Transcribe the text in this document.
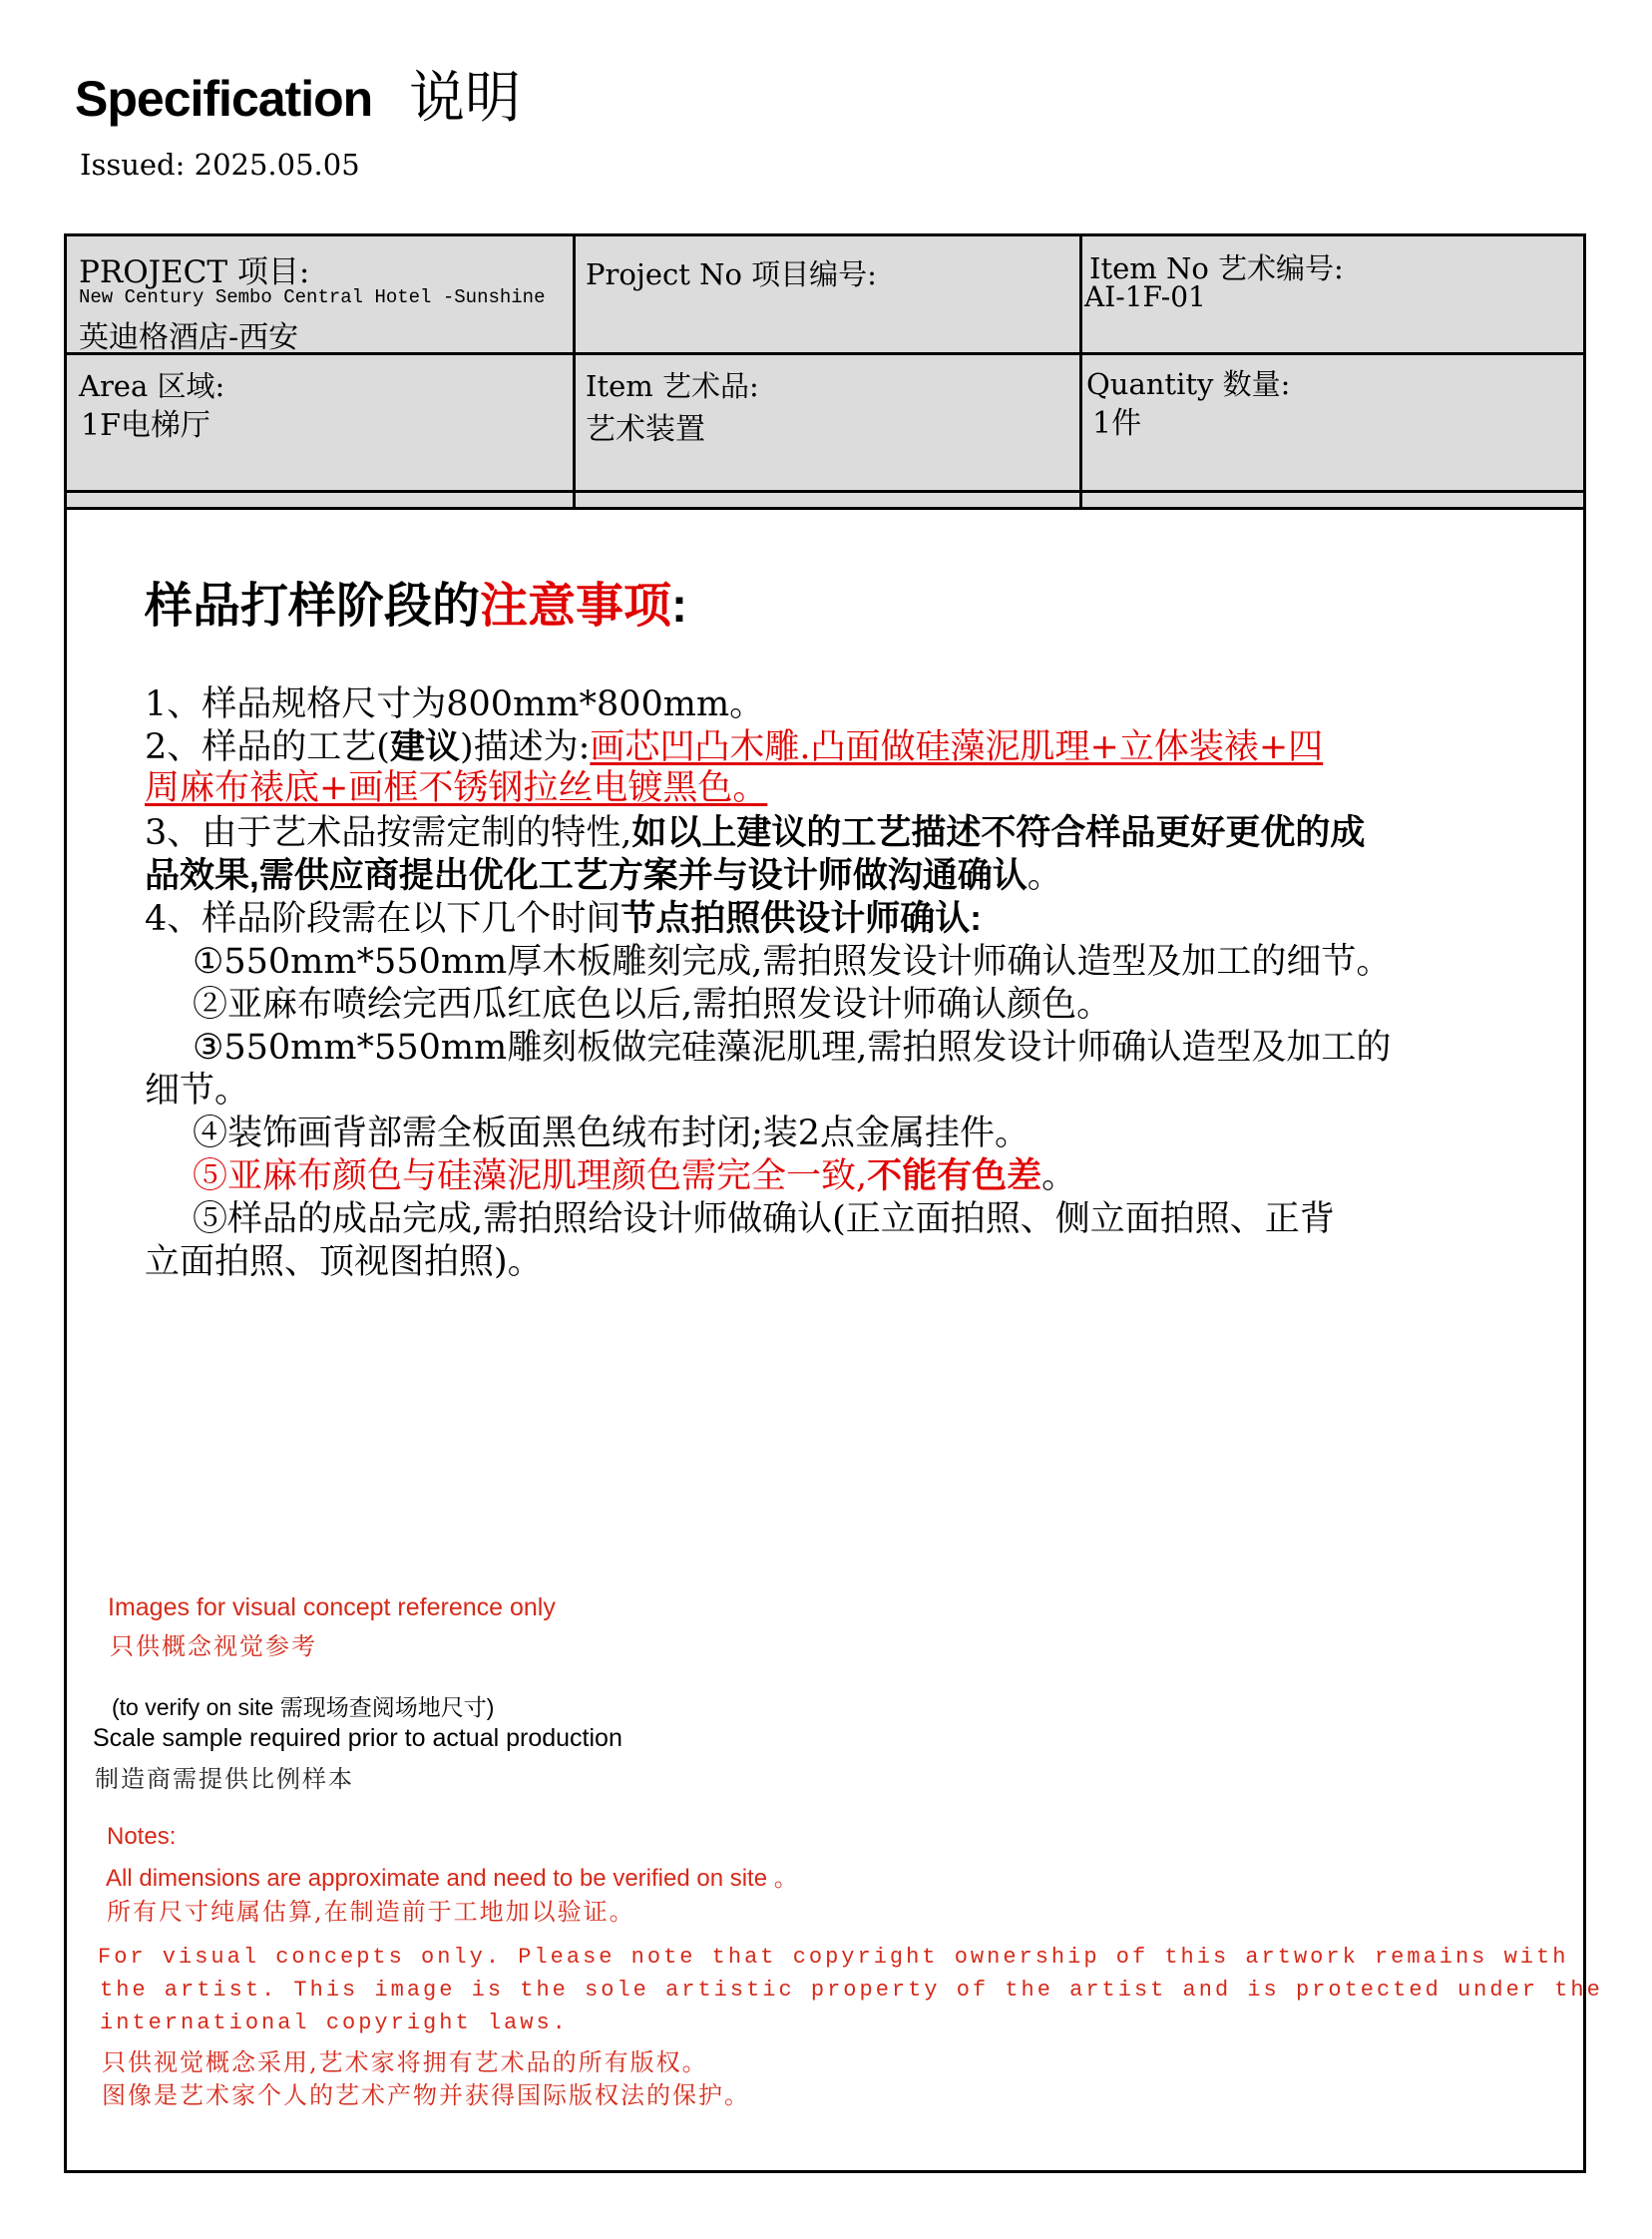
Specification 说明
Issued: 2025.05.05
PROJECT 项目:
New Century Sembo Central Hotel -Sunshine
英迪格酒店-西安
Project No 项目编号:	Item No 艺术编号:
AI-1F-01
Area 区域:
1F电梯厅
Item 艺术品:
艺术装置
Quantity 数量:
1件
样品打样阶段的注意事项:
1、样品规格尺寸为800mm*800mm。
2、样品的工艺(建议)描述为:画芯凹凸木雕.凸面做硅藻泥肌理+立体装裱+四
周麻布裱底+画框不锈钢拉丝电镀黑色。
3、由于艺术品按需定制的特性,如以上建议的工艺描述不符合样品更好更优的成
品效果,需供应商提出优化工艺方案并与设计师做沟通确认。
4、样品阶段需在以下几个时间节点拍照供设计师确认:
①550mm*550mm厚木板雕刻完成,需拍照发设计师确认造型及加工的细节。
②亚麻布喷绘完西瓜红底色以后,需拍照发设计师确认颜色。
③550mm*550mm雕刻板做完硅藻泥肌理,需拍照发设计师确认造型及加工的
细节。
④装饰画背部需全板面黑色绒布封闭;装2点金属挂件。
⑤亚麻布颜色与硅藻泥肌理颜色需完全一致,不能有色差。
⑤样品的成品完成,需拍照给设计师做确认(正立面拍照、侧立面拍照、正背
立面拍照、顶视图拍照)。
Images for visual concept reference only
只供概念视觉参考
(to verify on site 需现场查阅场地尺寸)
Scale sample required prior to actual production
制造商需提供比例样本
Notes:
All dimensions are approximate and need to be verified on site 。
所有尺寸纯属估算,在制造前于工地加以验证。
For visual concepts only. Please note that copyright ownership of this artwork remains with
the artist. This image is the sole artistic property of the artist and is protected under the
international copyright laws.
只供视觉概念采用,艺术家将拥有艺术品的所有版权。
图像是艺术家个人的艺术产物并获得国际版权法的保护。
